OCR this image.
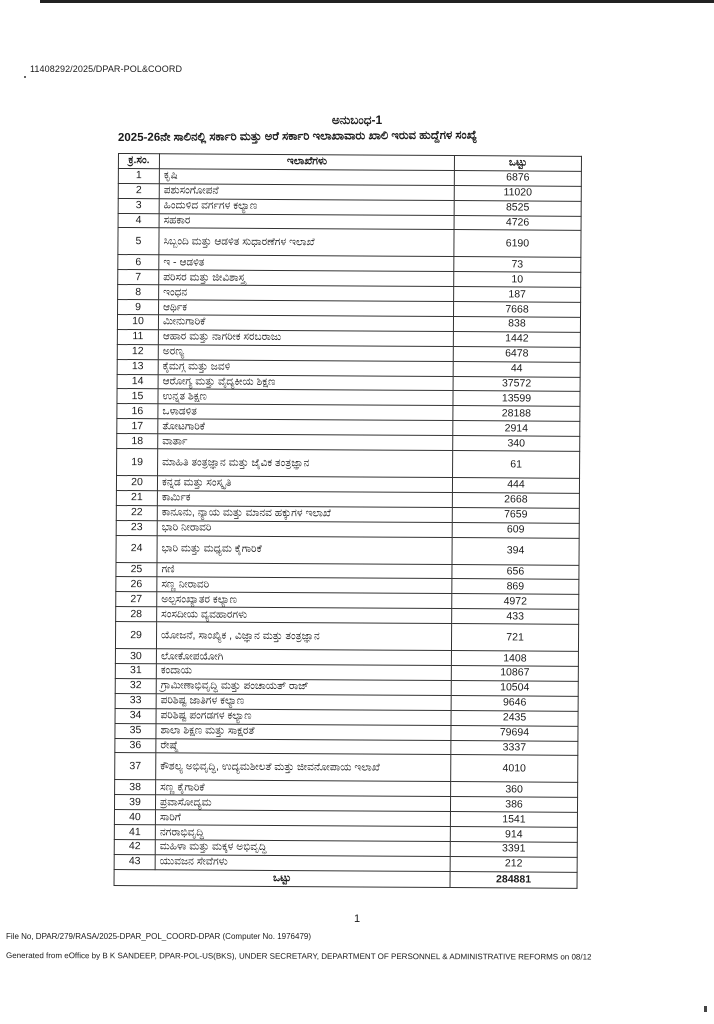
11408292/2025/DPAR-POL&COORD
ಅನುಬಂಧ-1
2025-26ನೇ ಸಾಲಿನಲ್ಲಿ ಸರ್ಕಾರಿ ಮತ್ತು ಅರೆ ಸರ್ಕಾರಿ ಇಲಾಖಾವಾರು ಖಾಲಿ ಇರುವ ಹುದ್ದೆಗಳ ಸಂಖ್ಯೆ
ಕ್ರ.ಸಂ.	ಇಲಾಖೆಗಳು	ಒಟ್ಟು
1	ಕೃಷಿ	6876
2	ಪಶುಸಂಗೋಪನೆ	11020
3	ಹಿಂದುಳಿದ ವರ್ಗಗಳ ಕಲ್ಯಾಣ	8525
4	ಸಹಕಾರ	4726
5	ಸಿಬ್ಬಂದಿ ಮತ್ತು ಆಡಳಿತ ಸುಧಾರಣೆಗಳ ಇಲಾಖೆ	6190
6	ಇ - ಆಡಳಿತ	73
7	ಪರಿಸರ ಮತ್ತು ಜೀವಿಶಾಸ್ತ್ರ	10
8	ಇಂಧನ	187
9	ಆರ್ಥಿಕ	7668
10	ಮೀನುಗಾರಿಕೆ	838
11	ಆಹಾರ ಮತ್ತು ನಾಗರೀಕ ಸರಬರಾಜು	1442
12	ಅರಣ್ಯ	6478
13	ಕೈಮಗ್ಗ ಮತ್ತು ಜವಳಿ	44
14	ಆರೋಗ್ಯ ಮತ್ತು ವೈದ್ಯಕೀಯ ಶಿಕ್ಷಣ	37572
15	ಉನ್ನತ ಶಿಕ್ಷಣ	13599
16	ಒಳಾಡಳಿತ	28188
17	ತೋಟಗಾರಿಕೆ	2914
18	ವಾರ್ತಾ	340
19	ಮಾಹಿತಿ ತಂತ್ರಜ್ಞಾನ ಮತ್ತು ಜೈವಿಕ ತಂತ್ರಜ್ಞಾನ	61
20	ಕನ್ನಡ ಮತ್ತು ಸಂಸ್ಕೃತಿ	444
21	ಕಾರ್ಮಿಕ	2668
22	ಕಾನೂನು, ನ್ಯಾಯ ಮತ್ತು ಮಾನವ ಹಕ್ಕುಗಳ ಇಲಾಖೆ	7659
23	ಭಾರಿ ನೀರಾವರಿ	609
24	ಭಾರಿ ಮತ್ತು ಮಧ್ಯಮ ಕೈಗಾರಿಕೆ	394
25	ಗಣಿ	656
26	ಸಣ್ಣ ನೀರಾವರಿ	869
27	ಅಲ್ಪಸಂಖ್ಯಾತರ ಕಲ್ಯಾಣ	4972
28	ಸಂಸದೀಯ ವ್ಯವಹಾರಗಳು	433
29	ಯೋಜನೆ, ಸಾಂಖ್ಯಿಕ , ವಿಜ್ಞಾನ ಮತ್ತು ತಂತ್ರಜ್ಞಾನ	721
30	ಲೋಕೋಪಯೋಗಿ	1408
31	ಕಂದಾಯ	10867
32	ಗ್ರಾಮೀಣಾಭಿವೃದ್ಧಿ ಮತ್ತು ಪಂಚಾಯತ್ ರಾಜ್	10504
33	ಪರಿಶಿಷ್ಟ ಜಾತಿಗಳ ಕಲ್ಯಾಣ	9646
34	ಪರಿಶಿಷ್ಟ ಪಂಗಡಗಳ ಕಲ್ಯಾಣ	2435
35	ಶಾಲಾ ಶಿಕ್ಷಣ ಮತ್ತು ಸಾಕ್ಷರತೆ	79694
36	ರೇಷ್ಮೆ	3337
37	ಕೌಶಲ್ಯ ಅಭಿವೃದ್ಧಿ, ಉದ್ಯಮಶೀಲತೆ ಮತ್ತು ಜೀವನೋಪಾಯ ಇಲಾಖೆ	4010
38	ಸಣ್ಣ ಕೈಗಾರಿಕೆ	360
39	ಪ್ರವಾಸೋದ್ಯಮ	386
40	ಸಾರಿಗೆ	1541
41	ನಗರಾಭಿವೃದ್ಧಿ	914
42	ಮಹಿಳಾ ಮತ್ತು ಮಕ್ಕಳ ಅಭಿವೃದ್ಧಿ	3391
43	ಯುವಜನ ಸೇವೆಗಳು	212
ಒಟ್ಟು		284881
1
File No, DPAR/279/RASA/2025-DPAR_POL_COORD-DPAR (Computer No. 1976479)
Generated from eOffice by B K SANDEEP, DPAR-POL-US(BKS), UNDER SECRETARY, DEPARTMENT OF PERSONNEL & ADMINISTRATIVE REFORMS on 08/12
